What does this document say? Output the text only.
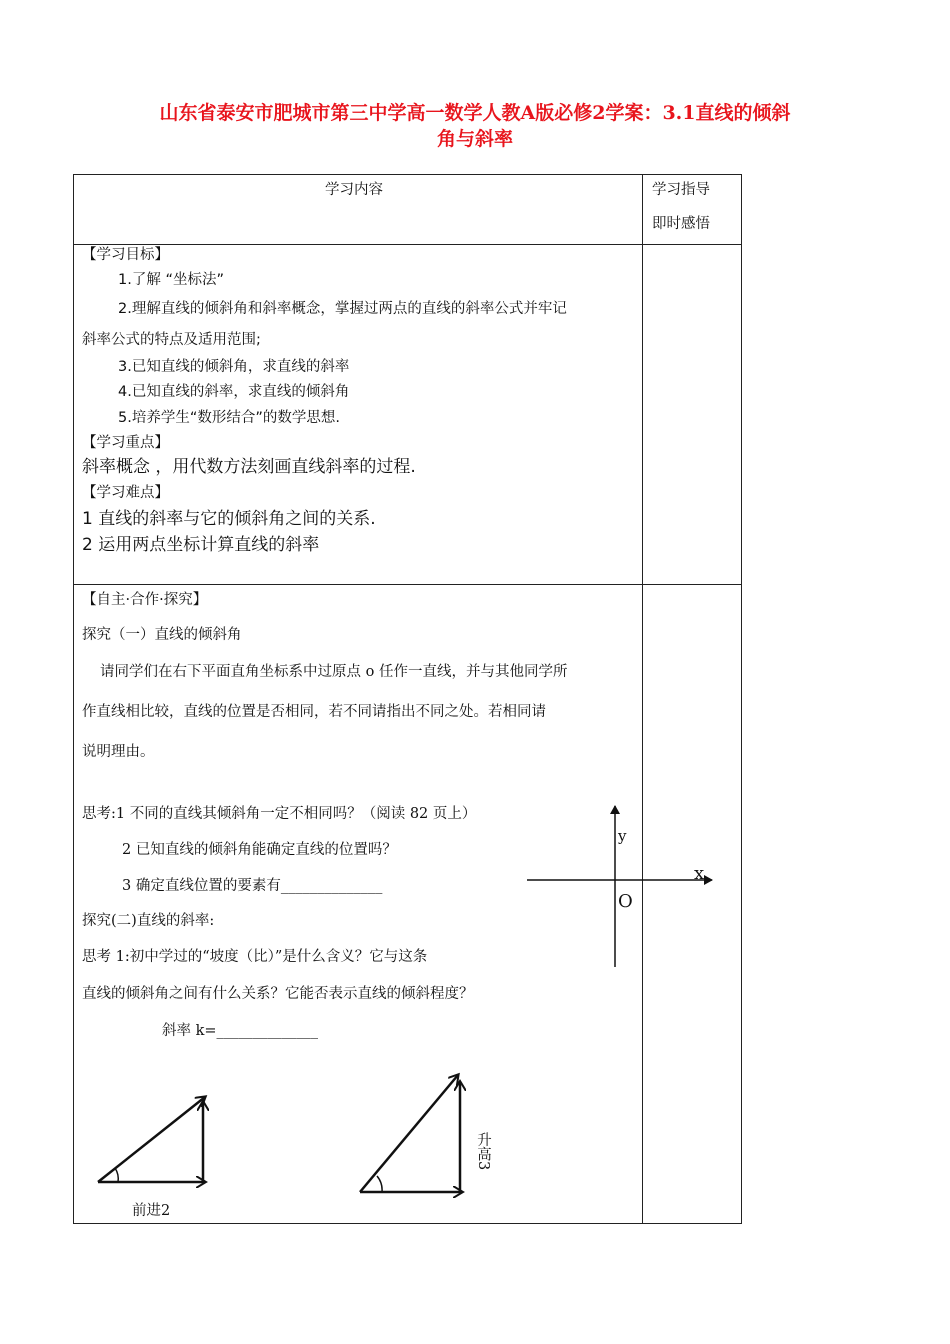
山东省泰安市肥城市第三中学高一数学人教A版必修2学案：3.1直线的倾斜
角与斜率
学习内容	学习指导
即时感悟
【学习目标】
1.了解 “坐标法”
2.理解直线的倾斜角和斜率概念，掌握过两点的直线的斜率公式并牢记
斜率公式的特点及适用范围;
3.已知直线的倾斜角，求直线的斜率
4.已知直线的斜率，求直线的倾斜角
5.培养学生“数形结合”的数学思想.
【学习重点】
斜率概念 ，用代数方法刻画直线斜率的过程.
【学习难点】
1 直线的斜率与它的倾斜角之间的关系.
2 运用两点坐标计算直线的斜率
【自主·合作·探究】
探究（一）直线的倾斜角
请同学们在右下平面直角坐标系中过原点 o 任作一直线，并与其他同学所
作直线相比较，直线的位置是否相同，若不同请指出不同之处。若相同请
说明理由。
思考:1 不同的直线其倾斜角一定不相同吗？（阅读 82 页上）
2 已知直线的倾斜角能确定直线的位置吗？
3 确定直线位置的要素有______________
探究(二)直线的斜率:
思考 1:初中学过的“坡度（比）”是什么含义？它与这条
直线的倾斜角之间有什么关系？它能否表示直线的倾斜程度？
斜率 k=______________
y
x
O
前进2
升高3
